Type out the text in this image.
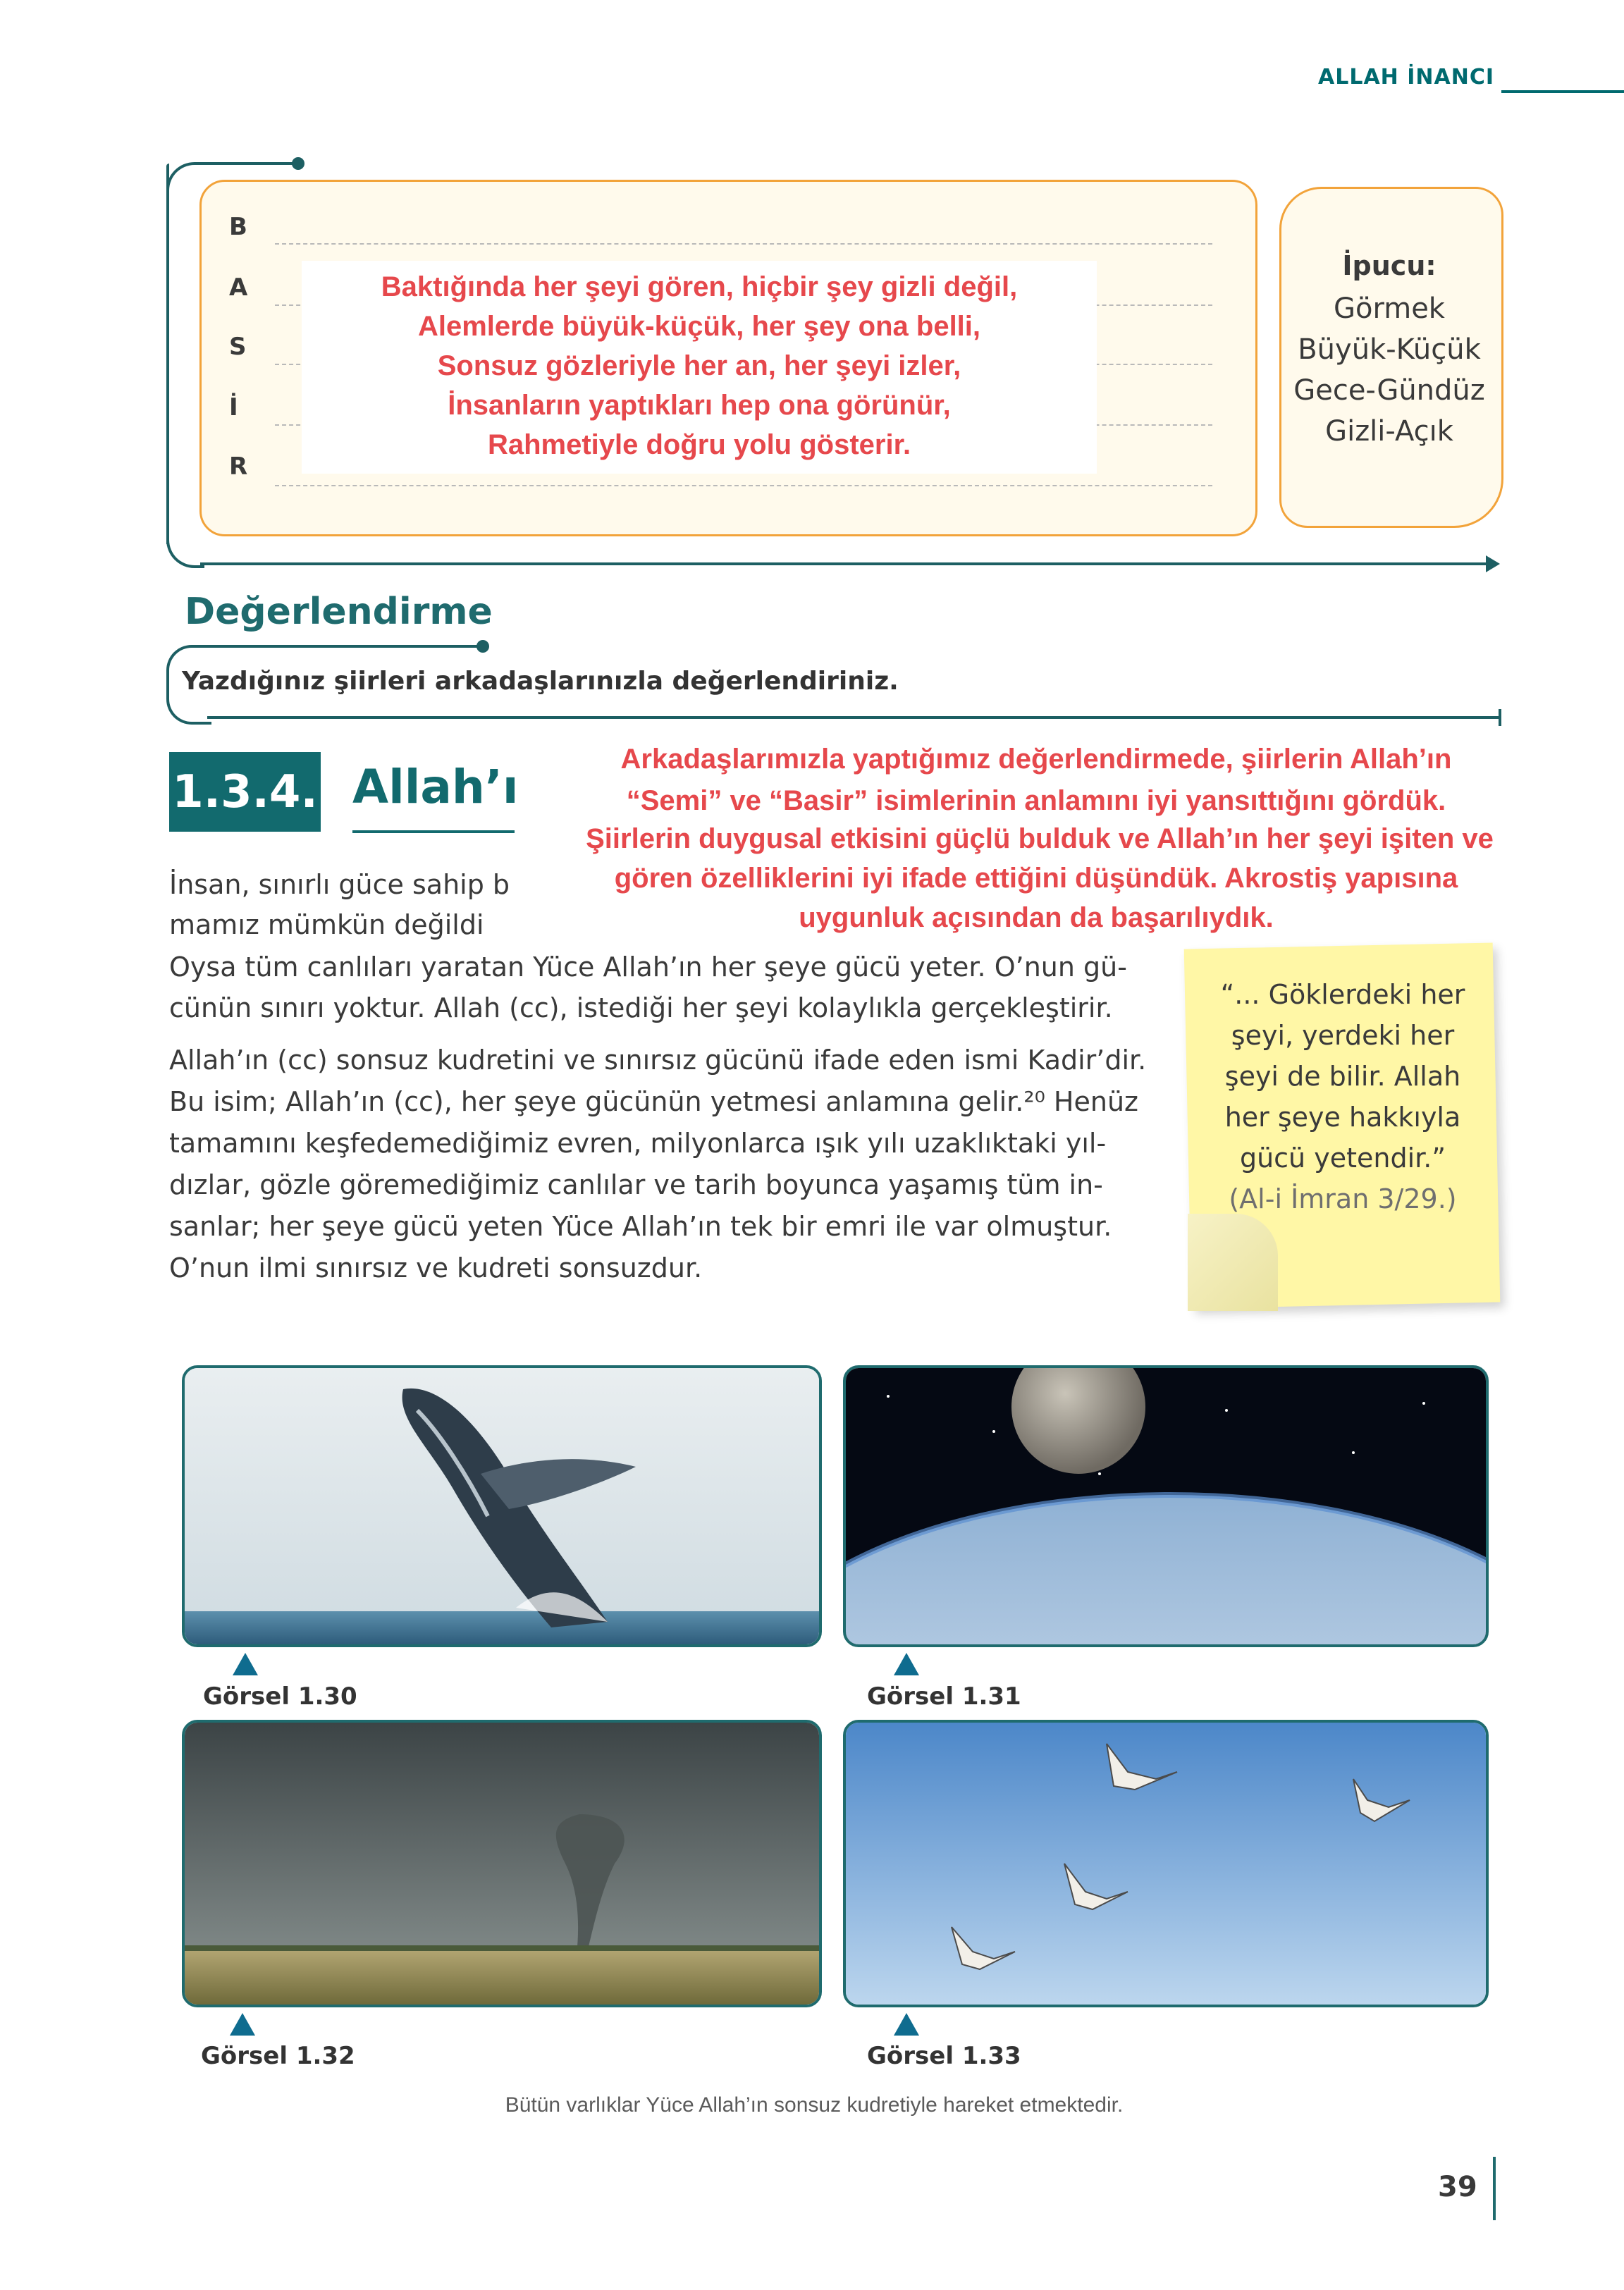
ALLAH İNANCI
B
A
S
İ
R
Baktığında her şeyi gören, hiçbir şey gizli değil,
Alemlerde büyük-küçük, her şey ona belli,
Sonsuz gözleriyle her an, her şeyi izler,
İnsanların yaptıkları hep ona görünür,
Rahmetiyle doğru yolu gösterir.
İpucu:
Görmek
Büyük-Küçük
Gece-Gündüz
Gizli-Açık
Değerlendirme
Yazdığınız şiirleri arkadaşlarınızla değerlendiriniz.
1.3.4. Allah’ı
İnsan, sınırlı güce sahip b
mamız mümkün değildi
Oysa tüm canlıları yaratan Yüce Allah’ın her şeye gücü yeter. O’nun gü-
cünün sınırı yoktur. Allah (cc), istediği her şeyi kolaylıkla gerçekleştirir.
Allah’ın (cc) sonsuz kudretini ve sınırsız gücünü ifade eden ismi Kadir’dir.
Bu isim; Allah’ın (cc), her şeye gücünün yetmesi anlamına gelir.²⁰ Henüz
tamamını keşfedemediğimiz evren, milyonlarca ışık yılı uzaklıktaki yıl-
dızlar, gözle göremediğimiz canlılar ve tarih boyunca yaşamış tüm in-
sanlar; her şeye gücü yeten Yüce Allah’ın tek bir emri ile var olmuştur.
O’nun ilmi sınırsız ve kudreti sonsuzdur.
Arkadaşlarımızla yaptığımız değerlendirmede, şiirlerin Allah’ın
“Semi” ve “Basir” isimlerinin anlamını iyi yansıttığını gördük.
Şiirlerin duygusal etkisini güçlü bulduk ve Allah’ın her şeyi işiten ve
gören özelliklerini iyi ifade ettiğini düşündük. Akrostiş yapısına
uygunluk açısından da başarılıydık.
“... Göklerdeki her
şeyi, yerdeki her
şeyi de bilir. Allah
her şeye hakkıyla
gücü yetendir.”
(Al-i İmran 3/29.)
Görsel 1.30	Görsel 1.31
Görsel 1.32	Görsel 1.33
Bütün varlıklar Yüce Allah’ın sonsuz kudretiyle hareket etmektedir.
39
